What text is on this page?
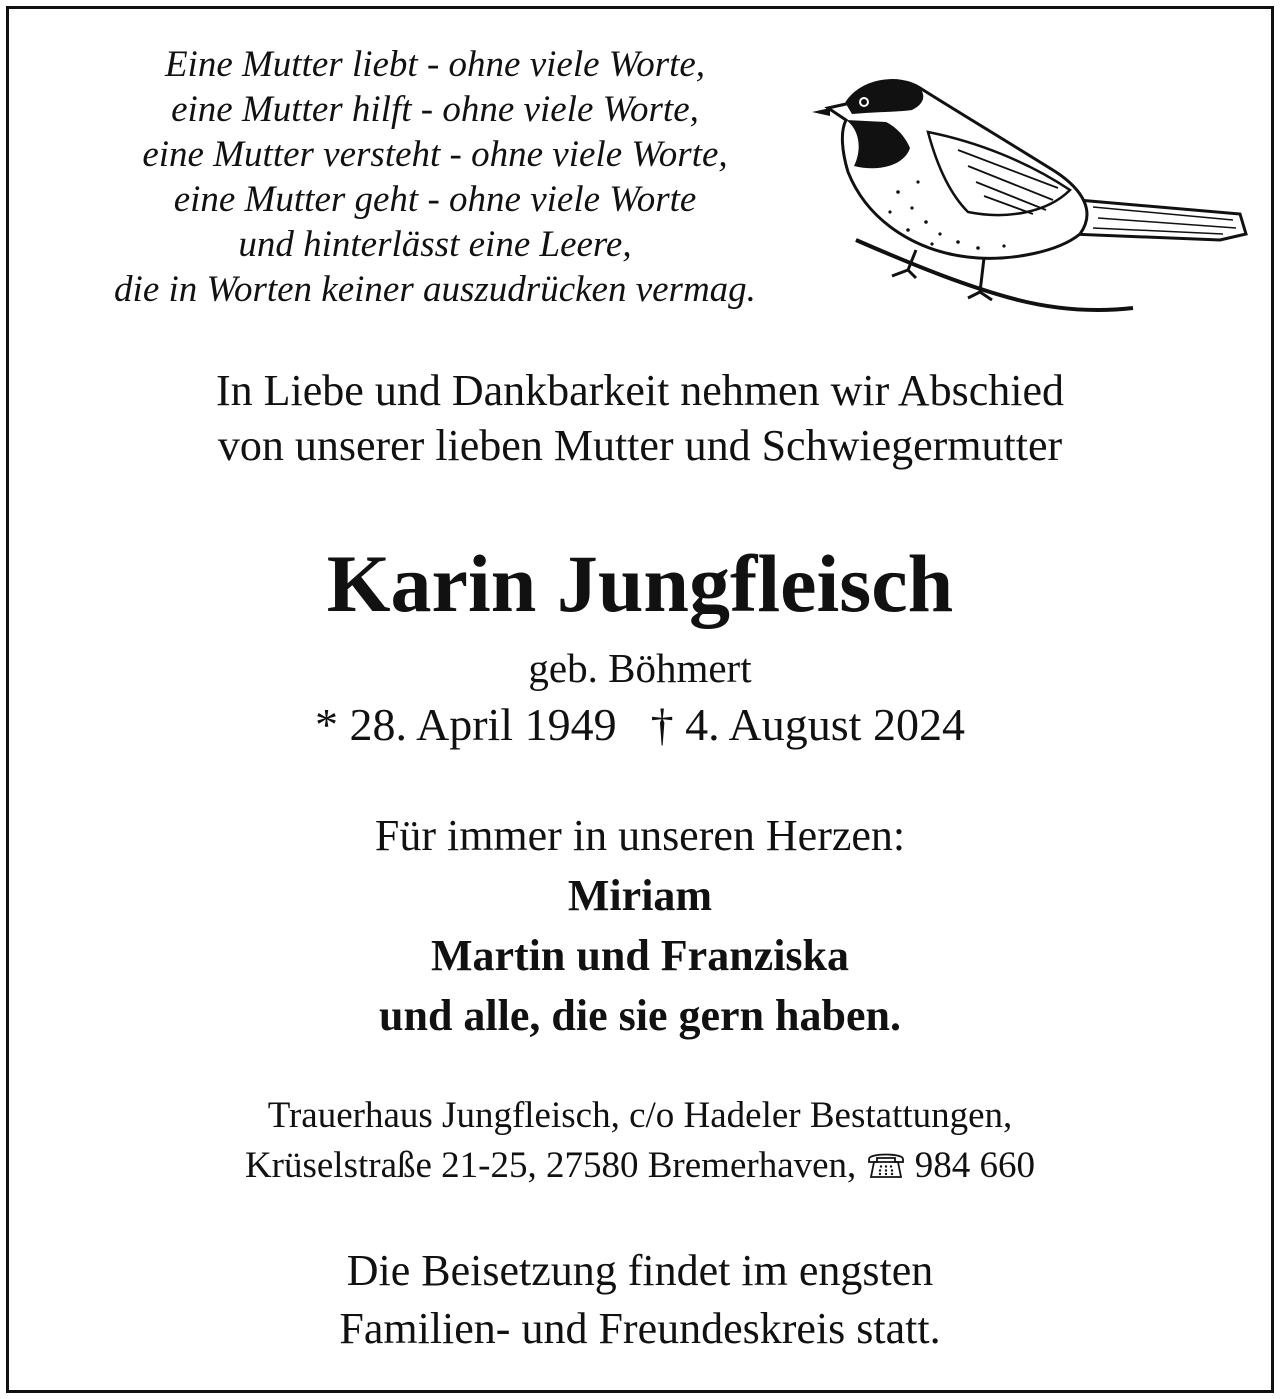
Eine Mutter liebt - ohne viele Worte,
eine Mutter hilft - ohne viele Worte,
eine Mutter versteht - ohne viele Worte,
eine Mutter geht - ohne viele Worte
und hinterlässt eine Leere,
die in Worten keiner auszudrücken vermag.
In Liebe und Dankbarkeit nehmen wir Abschied
von unserer lieben Mutter und Schwiegermutter
Karin Jungfleisch
geb. Böhmert
* 28. April 1949 † 4. August 2024
Für immer in unseren Herzen:
Miriam
Martin und Franziska
und alle, die sie gern haben.
Trauerhaus Jungfleisch, c/o Hadeler Bestattungen,
Krüselstraße 21-25, 27580 Bremerhaven, 984 660
Die Beisetzung findet im engsten
Familien- und Freundeskreis statt.
